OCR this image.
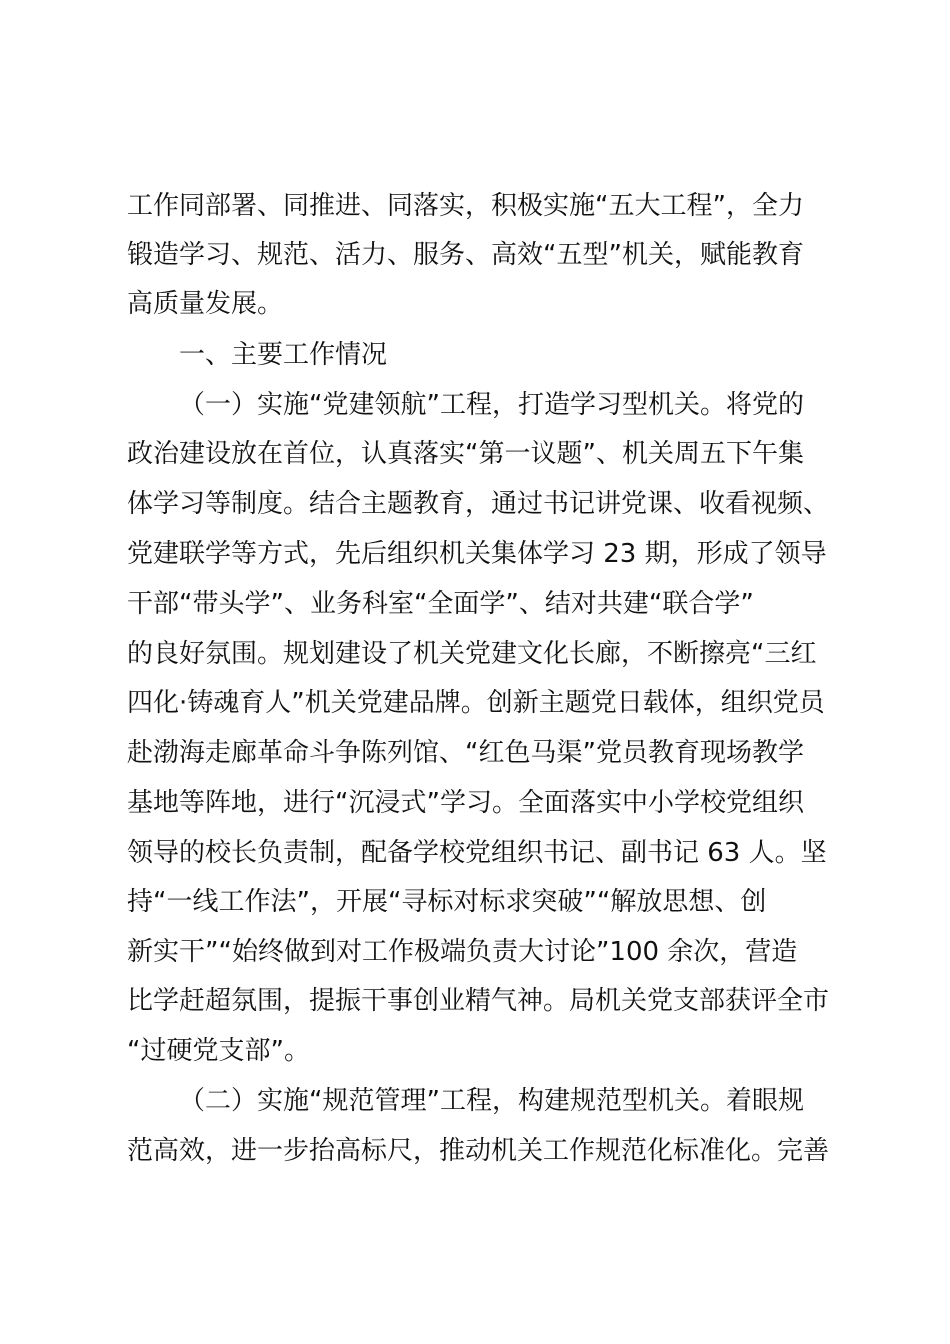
工作同部署、同推进、同落实，积极实施“五大工程”，全力

锻造学习、规范、活力、服务、高效“五型”机关，赋能教育

高质量发展。

一、主要工作情况

（一）实施“党建领航”工程，打造学习型机关。将党的

政治建设放在首位，认真落实“第一议题”、机关周五下午集

体学习等制度。结合主题教育，通过书记讲党课、收看视频、

党建联学等方式，先后组织机关集体学习 23 期，形成了领导

干部“带头学”、业务科室“全面学”、结对共建“联合学”

的良好氛围。规划建设了机关党建文化长廊，不断擦亮“三红

四化·铸魂育人”机关党建品牌。创新主题党日载体，组织党员

赴渤海走廊革命斗争陈列馆、“红色马渠”党员教育现场教学

基地等阵地，进行“沉浸式”学习。全面落实中小学校党组织

领导的校长负责制，配备学校党组织书记、副书记 63 人。坚

持“一线工作法”，开展“寻标对标求突破”“解放思想、创

新实干”“始终做到对工作极端负责大讨论”100 余次，营造

比学赶超氛围，提振干事创业精气神。局机关党支部获评全市

“过硬党支部”。

（二）实施“规范管理”工程，构建规范型机关。着眼规

范高效，进一步抬高标尺，推动机关工作规范化标准化。完善
